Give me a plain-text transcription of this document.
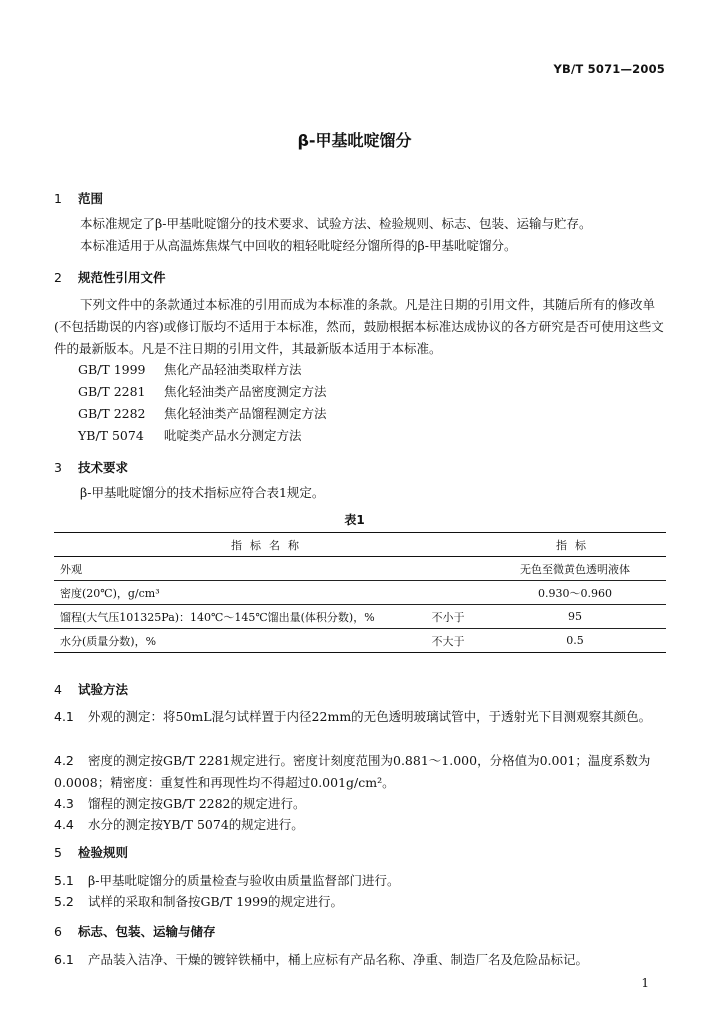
YB/T 5071—2005
β-甲基吡啶馏分
1 范围
本标准规定了β-甲基吡啶馏分的技术要求、试验方法、检验规则、标志、包装、运输与贮存。
本标准适用于从高温炼焦煤气中回收的粗轻吡啶经分馏所得的β-甲基吡啶馏分。
2 规范性引用文件
下列文件中的条款通过本标准的引用而成为本标准的条款。凡是注日期的引用文件，其随后所有的修改单(不包括勘误的内容)或修订版均不适用于本标准，然而，鼓励根据本标准达成协议的各方研究是否可使用这些文件的最新版本。凡是不注日期的引用文件，其最新版本适用于本标准。
GB/T 1999 焦化产品轻油类取样方法
GB/T 2281 焦化轻油类产品密度测定方法
GB/T 2282 焦化轻油类产品馏程测定方法
YB/T 5074 吡啶类产品水分测定方法
3 技术要求
β-甲基吡啶馏分的技术指标应符合表1规定。
表1
指标名称		指标
外观		无色至微黄色透明液体
密度(20℃)，g/cm³		0.930～0.960
馏程(大气压101325Pa)：140℃～145℃馏出量(体积分数)，%	不小于	95
水分(质量分数)，%	不大于	0.5
4 试验方法
4.1 外观的测定：将50mL混匀试样置于内径22mm的无色透明玻璃试管中，于透射光下目测观察其颜色。
4.2 密度的测定按GB/T 2281规定进行。密度计刻度范围为0.881～1.000，分格值为0.001；温度系数为0.0008；精密度：重复性和再现性均不得超过0.001g/cm²。
4.3 馏程的测定按GB/T 2282的规定进行。
4.4 水分的测定按YB/T 5074的规定进行。
5 检验规则
5.1 β-甲基吡啶馏分的质量检查与验收由质量监督部门进行。
5.2 试样的采取和制备按GB/T 1999的规定进行。
6 标志、包装、运输与储存
6.1 产品装入洁净、干燥的镀锌铁桶中，桶上应标有产品名称、净重、制造厂名及危险品标记。
1
